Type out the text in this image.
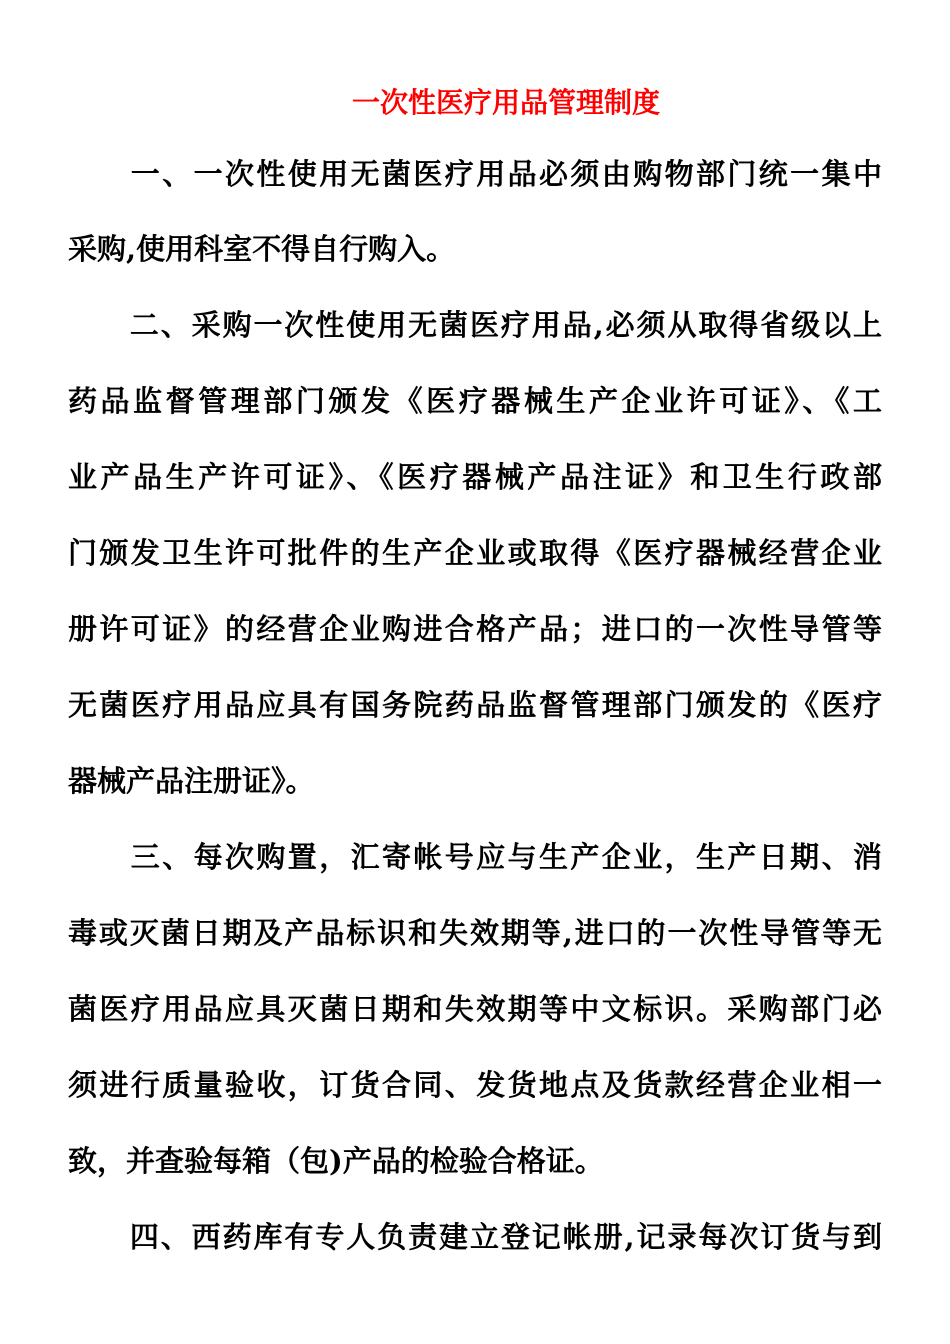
一次性医疗用品管理制度
　　一、一次性使用无菌医疗用品必须由购物部门统一集中
采购,使用科室不得自行购入。
　　二、采购一次性使用无菌医疗用品,必须从取得省级以上
药品监督管理部门颁发《医疗器械生产企业许可证》、《工
业产品生产许可证》、《医疗器械产品注证》和卫生行政部
门颁发卫生许可批件的生产企业或取得《医疗器械经营企业
册许可证》的经营企业购进合格产品；进口的一次性导管等
无菌医疗用品应具有国务院药品监督管理部门颁发的《医疗
器械产品注册证》。
　　三、每次购置，汇寄帐号应与生产企业，生产日期、消
毒或灭菌日期及产品标识和失效期等,进口的一次性导管等无
菌医疗用品应具灭菌日期和失效期等中文标识。采购部门必
须进行质量验收，订货合同、发货地点及货款经营企业相一
致，并查验每箱（包)产品的检验合格证。
　　四、西药库有专人负责建立登记帐册,记录每次订货与到
